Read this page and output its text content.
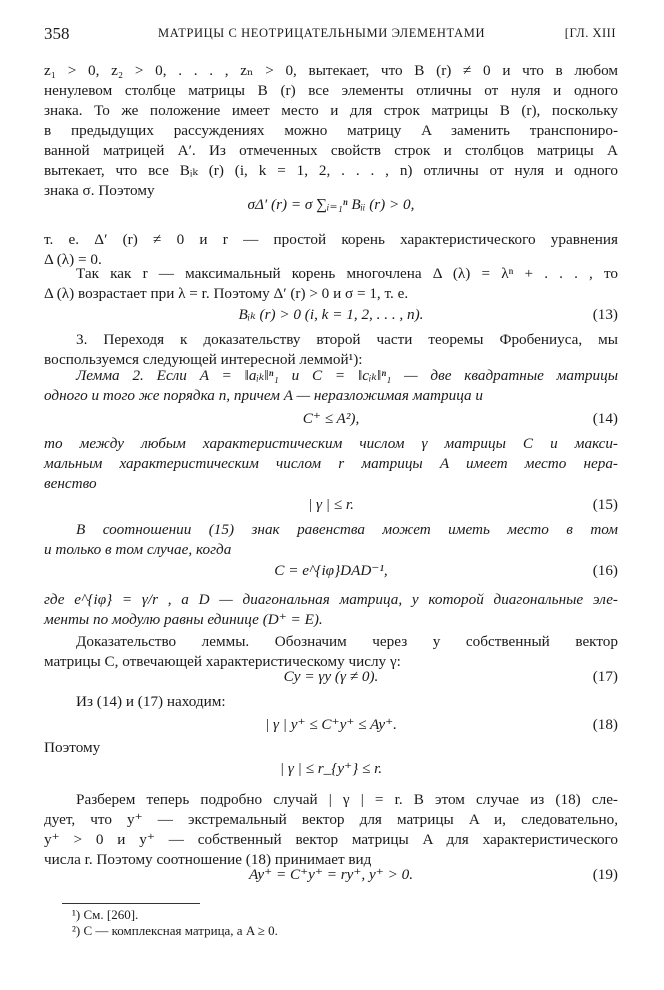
358	МАТРИЦЫ С НЕОТРИЦАТЕЛЬНЫМИ ЭЛЕМЕНТАМИ	[ГЛ. XIII
z₁ > 0, z₂ > 0, . . . , zₙ > 0, вытекает, что B (r) ≠ 0 и что в любом
ненулевом столбце матрицы B (r) все элементы отличны от нуля и одного
знака. То же положение имеет место и для строк матрицы B (r), поскольку
в предыдущих рассуждениях можно матрицу A заменить транспониро-
ванной матрицей A′. Из отмеченных свойств строк и столбцов матрицы A
вытекает, что все Bᵢₖ (r) (i, k = 1, 2, . . . , n) отличны от нуля и одного
знака σ. Поэтому
σΔ′ (r) = σ ∑ᵢ₌₁ⁿ Bᵢᵢ (r) > 0,
т. е. Δ′ (r) ≠ 0 и r — простой корень характеристического уравнения
Δ (λ) = 0.
Так как r — максимальный корень многочлена Δ (λ) = λⁿ + . . . , то
Δ (λ) возрастает при λ = r. Поэтому Δ′ (r) > 0 и σ = 1, т. е.
Bᵢₖ (r) > 0 (i, k = 1, 2, . . . , n).	(13)
3. Переходя к доказательству второй части теоремы Фробениуса, мы
воспользуемся следующей интересной леммой¹):
Лемма 2. Если A = ‖aᵢₖ‖ⁿ₁ и C = ‖cᵢₖ‖ⁿ₁ — две квадратные матрицы
одного и того же порядка n, причем A — неразложимая матрица и
C⁺ ≤ A²),	(14)
то между любым характеристическим числом γ матрицы C и макси-
мальным характеристическим числом r матрицы A имеет место нера-
венство
| γ | ≤ r.	(15)
В соотношении (15) знак равенства может иметь место в том
и только в том случае, когда
C = e^{iφ}DAD⁻¹,	(16)
где e^{iφ} = γ/r , а D — диагональная матрица, у которой диагональные эле-
менты по модулю равны единице (D⁺ = E).
Доказательство леммы. Обозначим через y собственный вектор
матрицы C, отвечающей характеристическому числу γ:
Cy = γy (γ ≠ 0).	(17)
Из (14) и (17) находим:
| γ | y⁺ ≤ C⁺y⁺ ≤ Ay⁺.	(18)
Поэтому
| γ | ≤ r_{y⁺} ≤ r.
Разберем теперь подробно случай | γ | = r. В этом случае из (18) сле-
дует, что y⁺ — экстремальный вектор для матрицы A и, следовательно,
y⁺ > 0 и y⁺ — собственный вектор матрицы A для характеристического
числа r. Поэтому соотношение (18) принимает вид
Ay⁺ = C⁺y⁺ = ry⁺, y⁺ > 0.	(19)
¹) См. [260].
²) C — комплексная матрица, а A ≥ 0.
